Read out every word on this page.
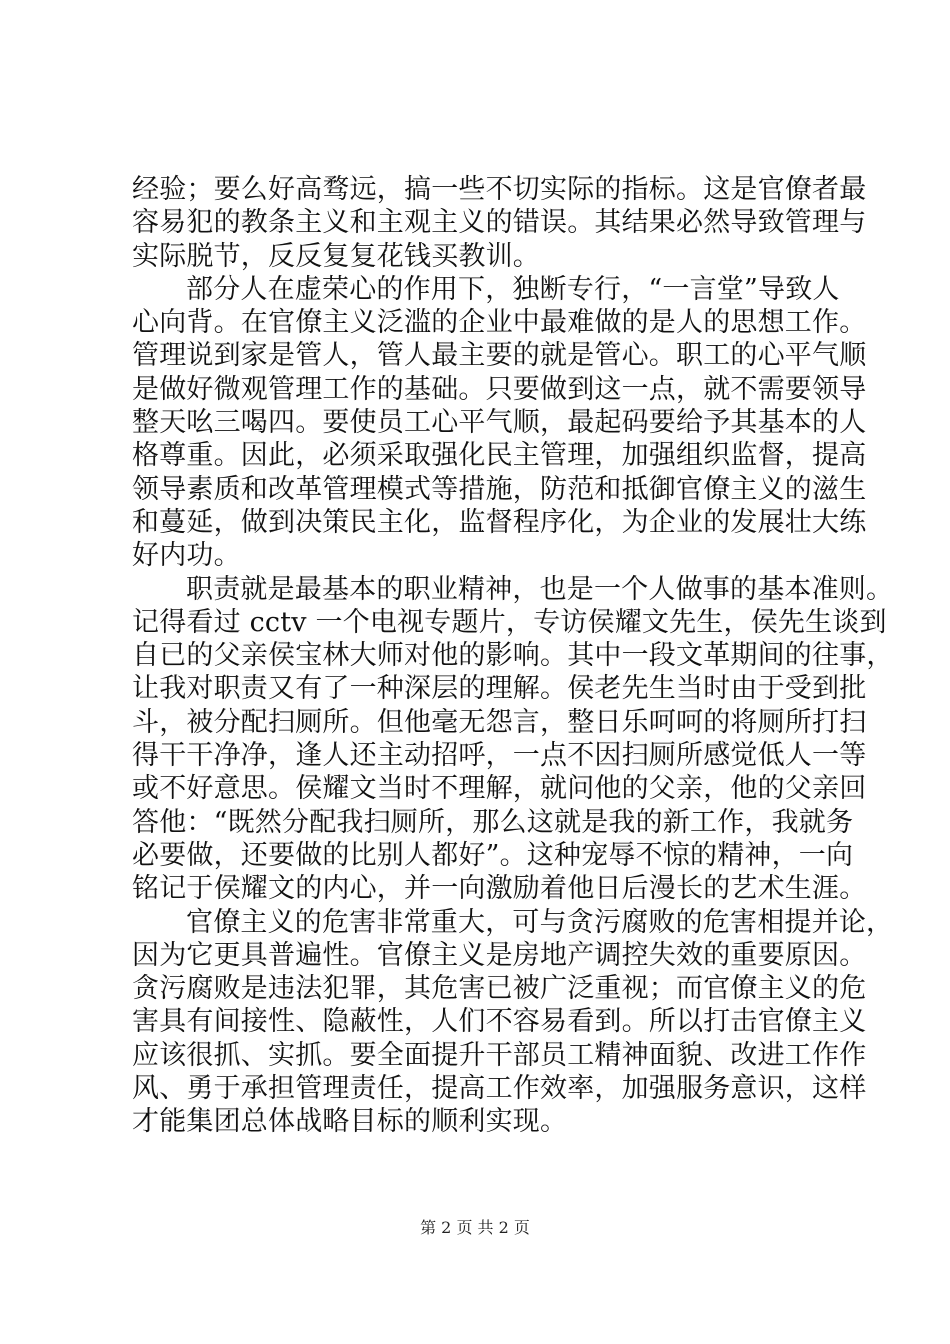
经验；要么好高骛远，搞一些不切实际的指标。这是官僚者最
容易犯的教条主义和主观主义的错误。其结果必然导致管理与
实际脱节，反反复复花钱买教训。
部分人在虚荣心的作用下，独断专行，“一言堂”导致人
心向背。在官僚主义泛滥的企业中最难做的是人的思想工作。
管理说到家是管人，管人最主要的就是管心。职工的心平气顺
是做好微观管理工作的基础。只要做到这一点，就不需要领导
整天吆三喝四。要使员工心平气顺，最起码要给予其基本的人
格尊重。因此，必须采取强化民主管理，加强组织监督，提高
领导素质和改革管理模式等措施，防范和抵御官僚主义的滋生
和蔓延，做到决策民主化，监督程序化，为企业的发展壮大练
好内功。
职责就是最基本的职业精神，也是一个人做事的基本准则。
记得看过 cctv 一个电视专题片，专访侯耀文先生，侯先生谈到
自已的父亲侯宝林大师对他的影响。其中一段文革期间的往事，
让我对职责又有了一种深层的理解。侯老先生当时由于受到批
斗，被分配扫厕所。但他毫无怨言，整日乐呵呵的将厕所打扫
得干干净净，逢人还主动招呼，一点不因扫厕所感觉低人一等
或不好意思。侯耀文当时不理解，就问他的父亲，他的父亲回
答他：“既然分配我扫厕所，那么这就是我的新工作，我就务
必要做，还要做的比别人都好”。这种宠辱不惊的精神，一向
铭记于侯耀文的内心，并一向激励着他日后漫长的艺术生涯。
官僚主义的危害非常重大，可与贪污腐败的危害相提并论，
因为它更具普遍性。官僚主义是房地产调控失效的重要原因。
贪污腐败是违法犯罪，其危害已被广泛重视；而官僚主义的危
害具有间接性、隐蔽性，人们不容易看到。所以打击官僚主义
应该很抓、实抓。要全面提升干部员工精神面貌、改进工作作
风、勇于承担管理责任，提高工作效率，加强服务意识，这样
才能集团总体战略目标的顺利实现。
第 2 页 共 2 页
